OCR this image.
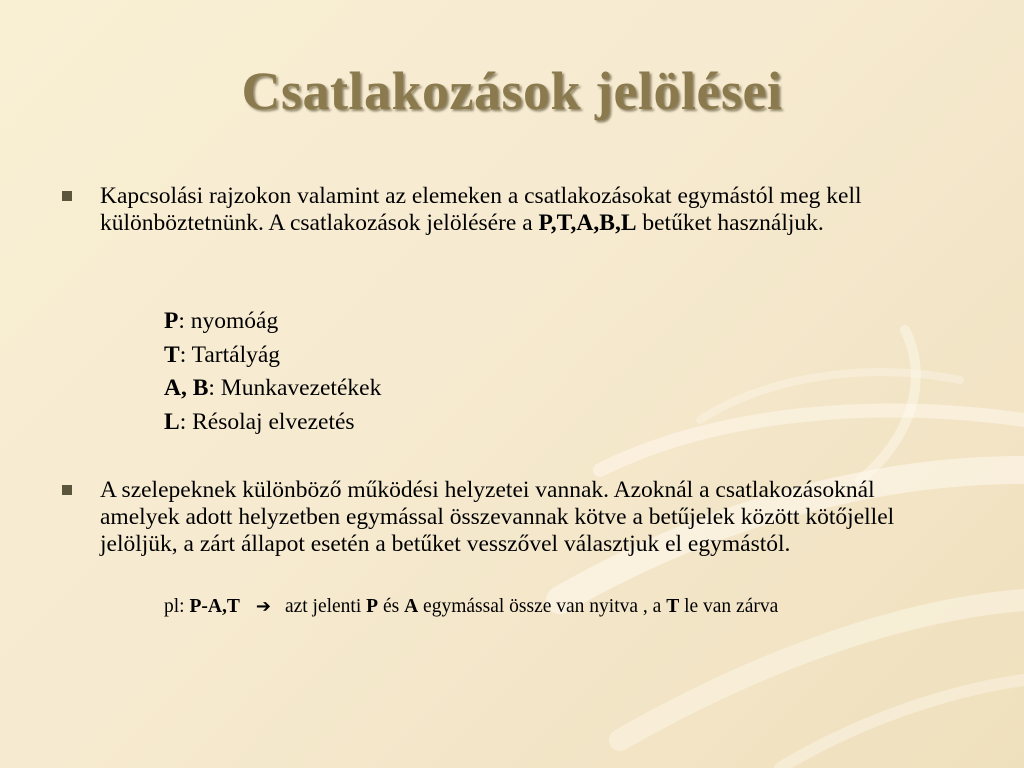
Csatlakozások jelölései
Kapcsolási rajzokon valamint az elemeken a csatlakozásokat egymástól meg kell különböztetnünk. A csatlakozások jelölésére a P,T,A,B,L betűket használjuk.
P: nyomóág
T: Tartályág
A, B: Munkavezetékek
L: Résolaj elvezetés
A szelepeknek különböző működési helyzetei vannak. Azoknál a csatlakozásoknál amelyek adott helyzetben egymással összevannak kötve a betűjelek között kötőjellel jelöljük, a zárt állapot esetén a betűket vesszővel választjuk el egymástól.
pl: P-A,T ➔ azt jelenti P és A egymással össze van nyitva , a T le van zárva
